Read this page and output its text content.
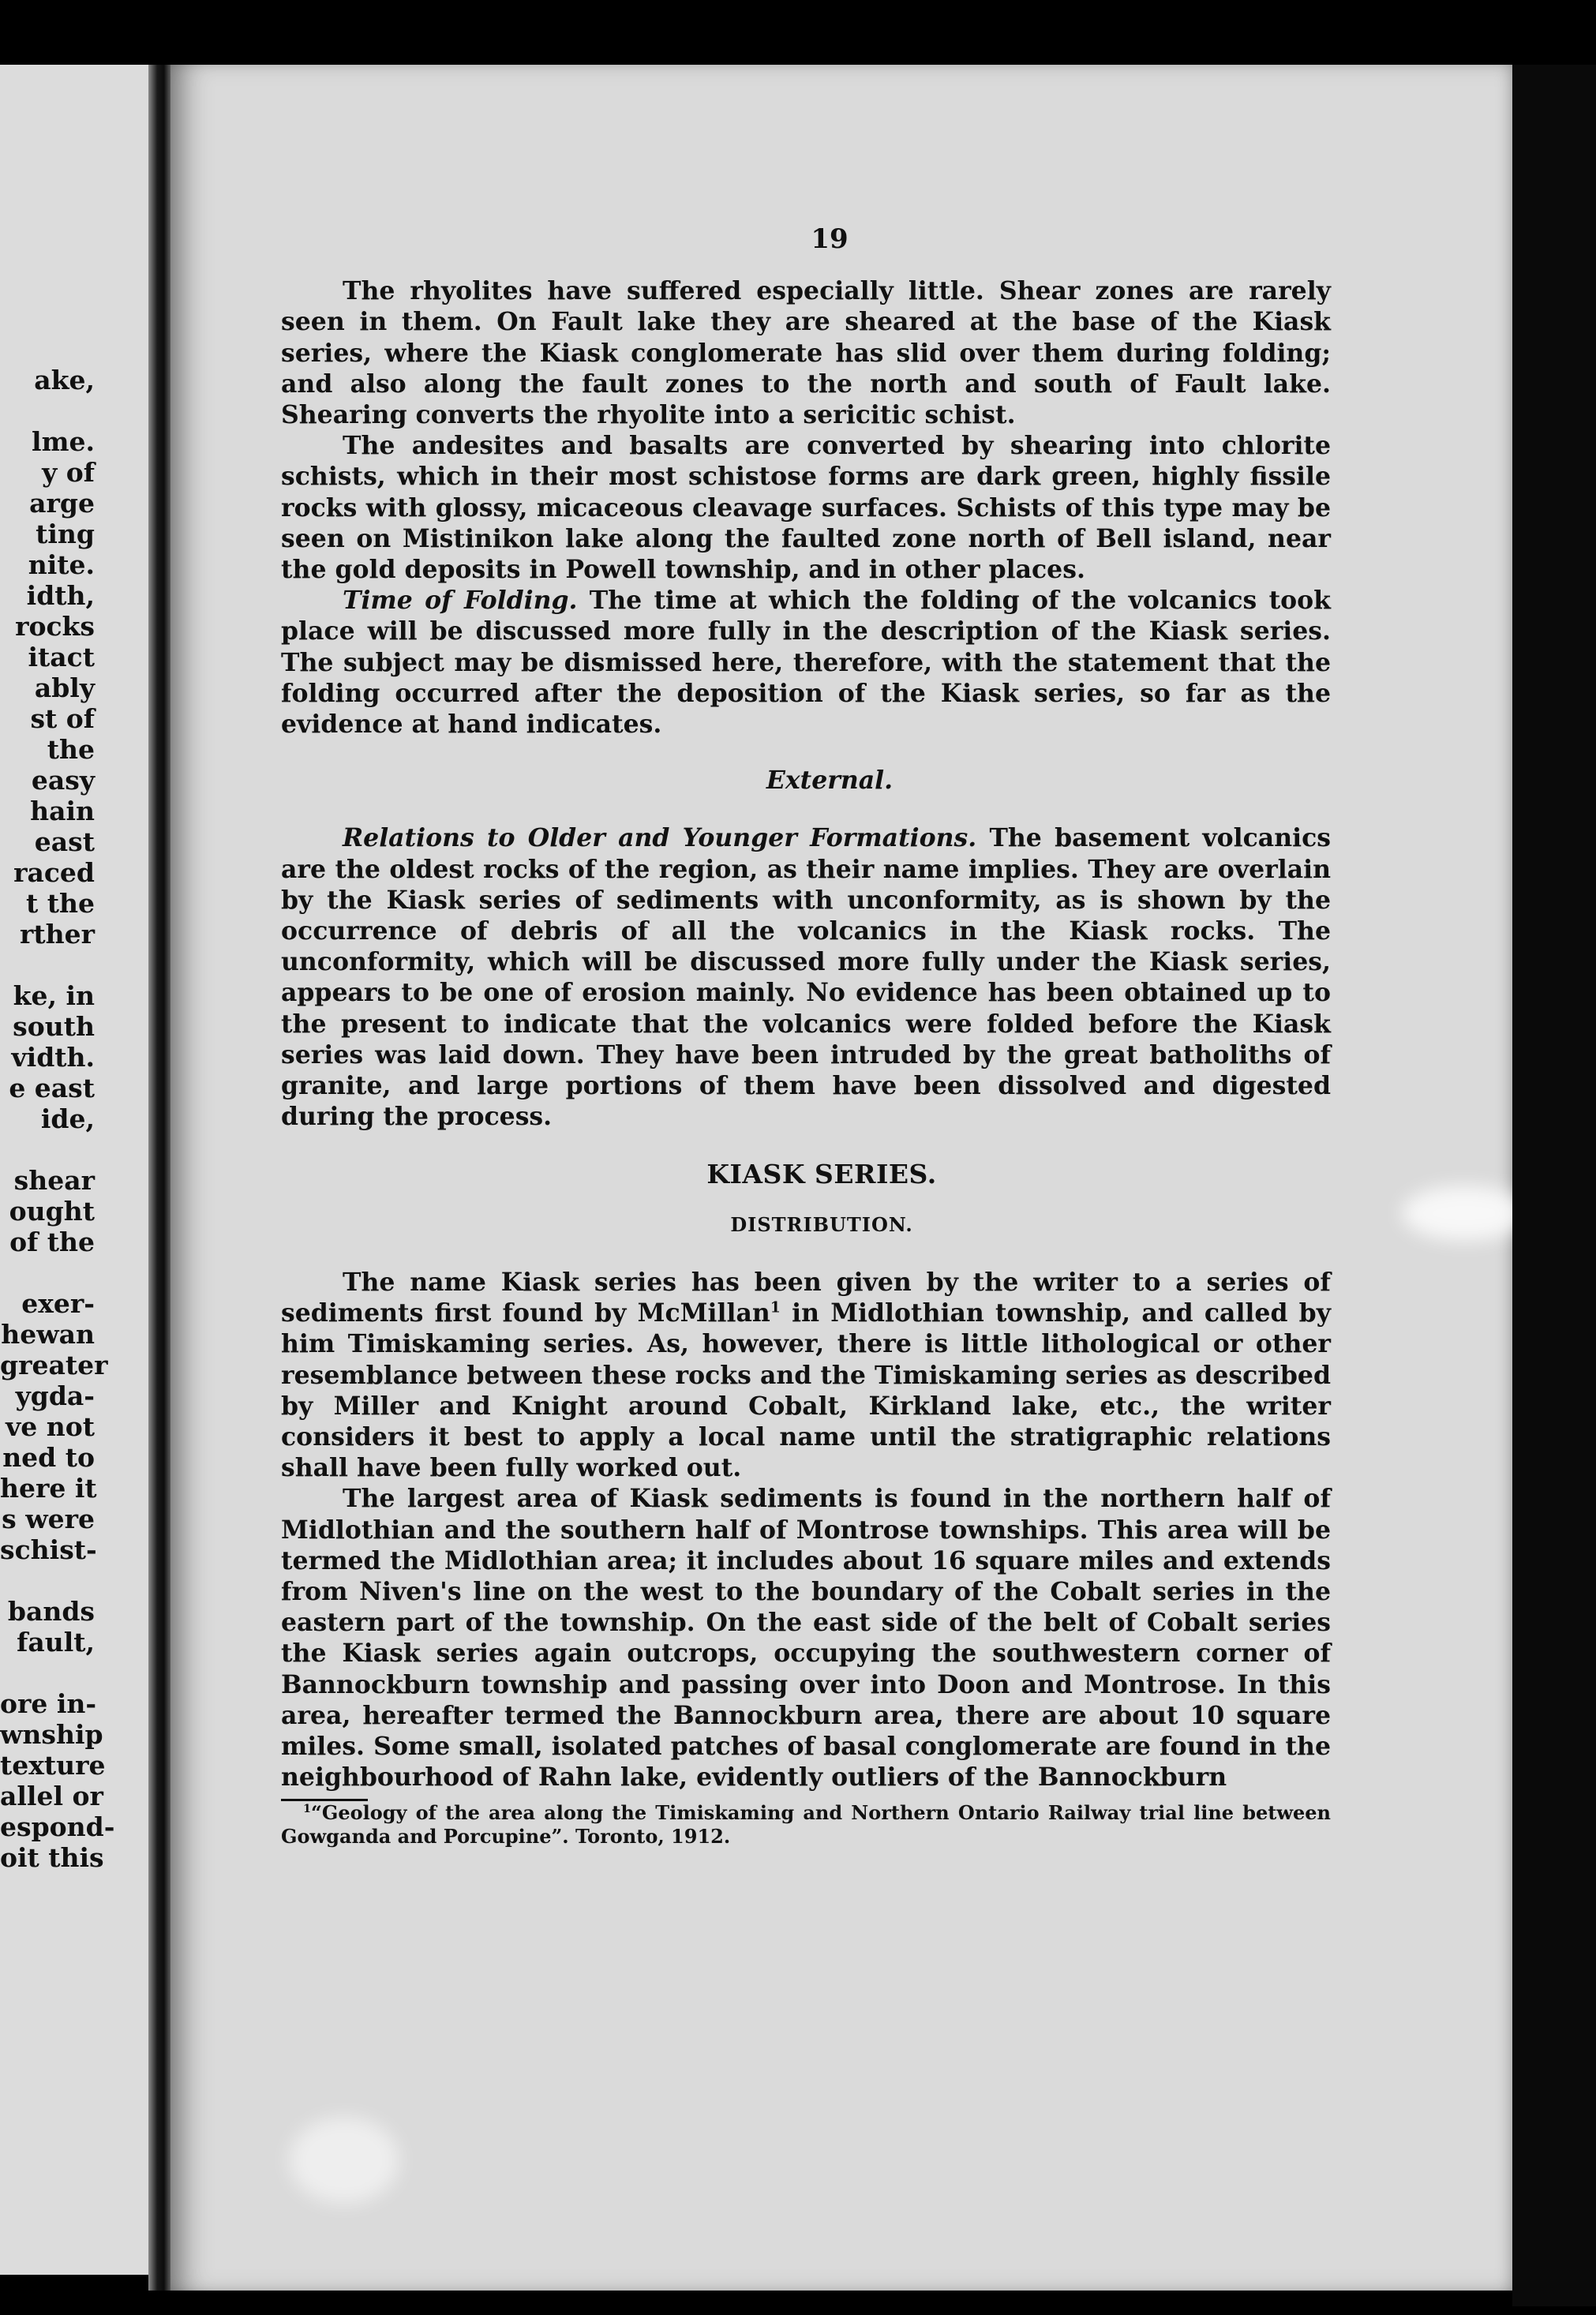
ake,
lme.
y of
arge
ting
nite.
idth,
rocks
itact
ably
st of
the
easy
hain
east
raced
t the
rther
ke, in
south
vidth.
e east
ide,
shear
ought
of the
exer-
hewan
greater
ygda-
ve not
ned to
here it
s were
schist-
bands
fault,
ore in-
wnship
texture
allel or
espond-
oit this
19

The rhyolites have suffered especially little. Shear zones are rarely seen in them. On Fault lake they are sheared at the base of the Kiask series, where the Kiask conglomerate has slid over them during folding; and also along the fault zones to the north and south of Fault lake. Shearing converts the rhyolite into a sericitic schist.

The andesites and basalts are converted by shearing into chlorite schists, which in their most schistose forms are dark green, highly fissile rocks with glossy, micaceous cleavage surfaces. Schists of this type may be seen on Mistinikon lake along the faulted zone north of Bell island, near the gold deposits in Powell township, and in other places.

Time of Folding. The time at which the folding of the volcanics took place will be discussed more fully in the description of the Kiask series. The subject may be dismissed here, therefore, with the statement that the folding occurred after the deposition of the Kiask series, so far as the evidence at hand indicates.

External.

Relations to Older and Younger Formations. The basement volcanics are the oldest rocks of the region, as their name implies. They are overlain by the Kiask series of sediments with unconformity, as is shown by the occurrence of debris of all the volcanics in the Kiask rocks. The unconformity, which will be discussed more fully under the Kiask series, appears to be one of erosion mainly. No evidence has been obtained up to the present to indicate that the volcanics were folded before the Kiask series was laid down. They have been intruded by the great batholiths of granite, and large portions of them have been dissolved and digested during the process.

KIASK SERIES.
DISTRIBUTION.

The name Kiask series has been given by the writer to a series of sediments first found by McMillan$^1$ in Midlothian township, and called by him Timiskaming series. As, however, there is little lithological or other resemblance between these rocks and the Timiskaming series as described by Miller and Knight around Cobalt, Kirkland lake, etc., the writer considers it best to apply a local name until the stratigraphic relations shall have been fully worked out.

The largest area of Kiask sediments is found in the northern half of Midlothian and the southern half of Montrose townships. This area will be termed the Midlothian area; it includes about 16 square miles and extends from Niven's line on the west to the boundary of the Cobalt series in the eastern part of the township. On the east side of the belt of Cobalt series the Kiask series again outcrops, occupying the southwestern corner of Bannockburn township and passing over into Doon and Montrose. In this area, hereafter termed the Bannockburn area, there are about 10 square miles. Some small, isolated patches of basal conglomerate are found in the neighbourhood of Rahn lake, evidently outliers of the Bannockburn

$^1$“Geology of the area along the Timiskaming and Northern Ontario Railway trial line between Gowganda and Porcupine”. Toronto, 1912.
